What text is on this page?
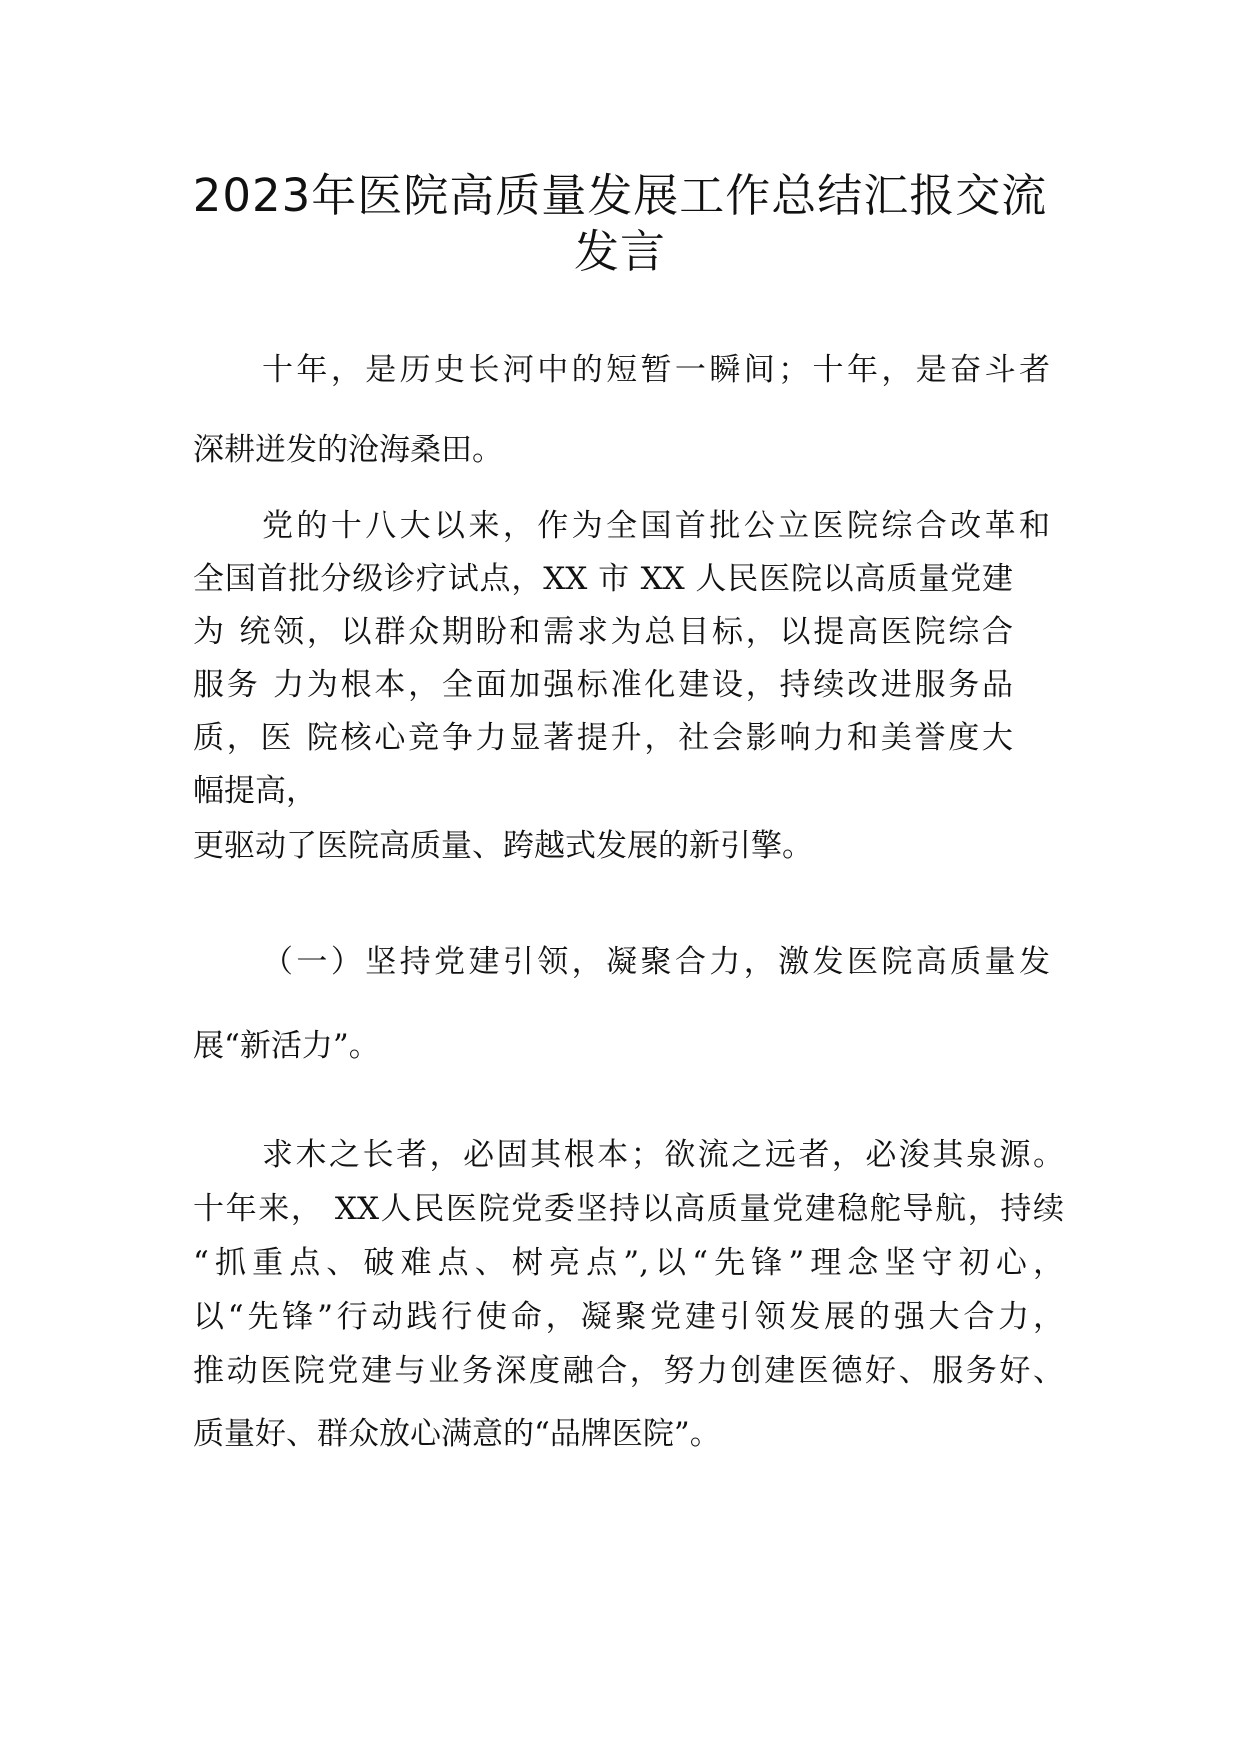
2023年医院高质量发展工作总结汇报交流
发言

十年，是历史长河中的短暂一瞬间；十年，是奋斗者

深耕迸发的沧海桑田。

党的十八大以来，作为全国首批公立医院综合改革和

全国首批分级诊疗试点，XX 市 XX 人民医院以高质量党建

为 统领，以群众期盼和需求为总目标，以提高医院综合

服务 力为根本，全面加强标准化建设，持续改进服务品

质，医 院核心竞争力显著提升，社会影响力和美誉度大

幅提高，

更驱动了医院高质量、跨越式发展的新引擎。

（一）坚持党建引领，凝聚合力，激发医院高质量发

展“新活力”。

求木之长者，必固其根本；欲流之远者，必浚其泉源。

十年来， XX人民医院党委坚持以高质量党建稳舵导航，持续

“抓重点、破难点、树亮点”,以“先锋”理念坚守初心，

以“先锋”行动践行使命，凝聚党建引领发展的强大合力，

推动医院党建与业务深度融合，努力创建医德好、服务好、

质量好、群众放心满意的“品牌医院”。
